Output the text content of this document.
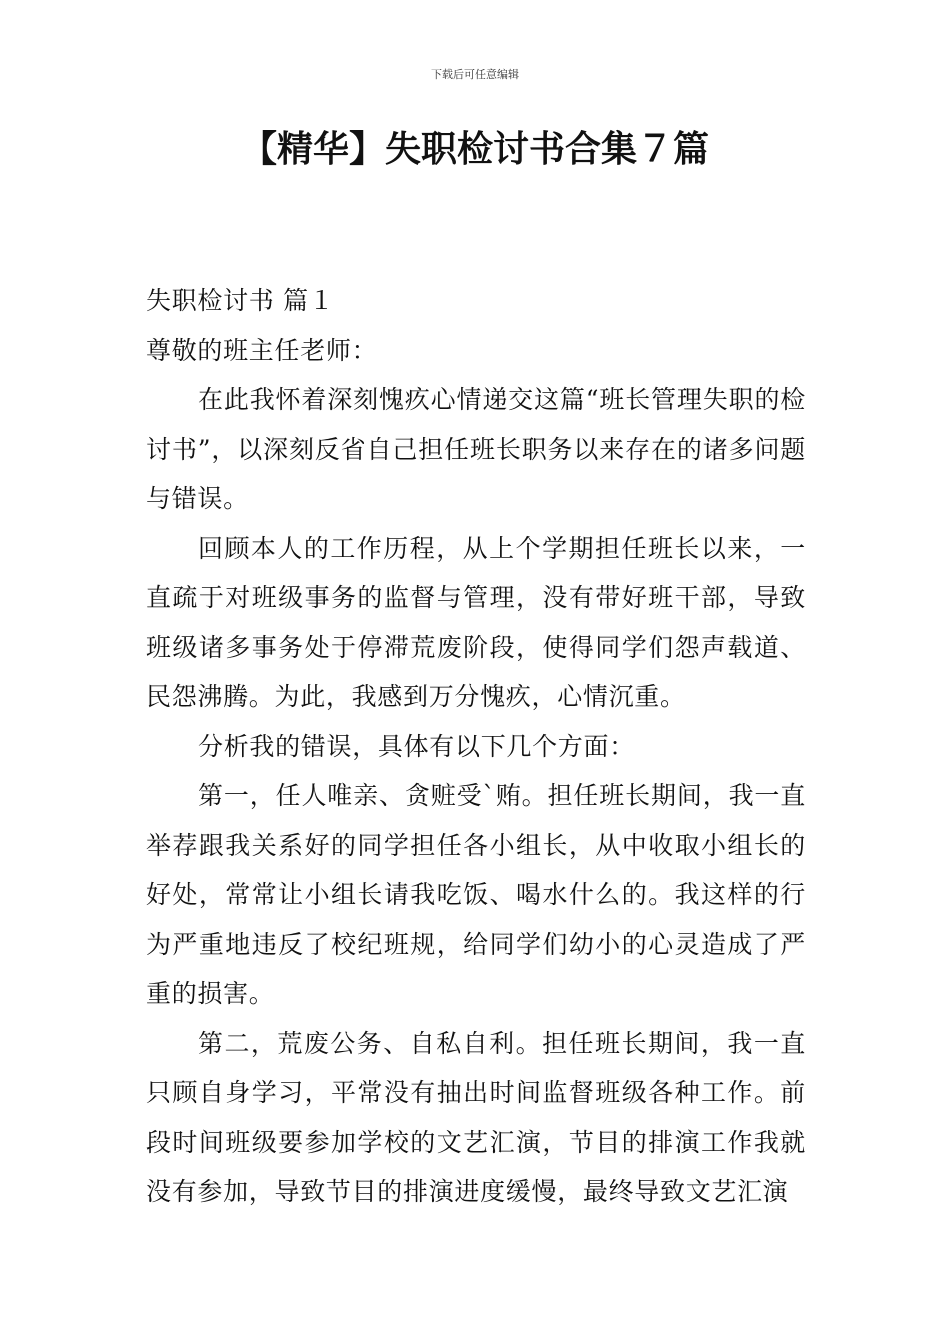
下载后可任意编辑
【精华】失职检讨书合集７篇

失职检讨书 篇１

尊敬的班主任老师：

在此我怀着深刻愧疚心情递交这篇“班长管理失职的检讨书”，以深刻反省自己担任班长职务以来存在的诸多问题与错误。

回顾本人的工作历程，从上个学期担任班长以来，一直疏于对班级事务的监督与管理，没有带好班干部，导致班级诸多事务处于停滞荒废阶段，使得同学们怨声载道、民怨沸腾。为此，我感到万分愧疚，心情沉重。

分析我的错误，具体有以下几个方面：

第一，任人唯亲、贪赃受`贿。担任班长期间，我一直举荐跟我关系好的同学担任各小组长，从中收取小组长的好处，常常让小组长请我吃饭、喝水什么的。我这样的行为严重地违反了校纪班规，给同学们幼小的心灵造成了严重的损害。

第二，荒废公务、自私自利。担任班长期间，我一直只顾自身学习，平常没有抽出时间监督班级各种工作。前段时间班级要参加学校的文艺汇演，节目的排演工作我就没有参加，导致节目的排演进度缓慢，最终导致文艺汇演
